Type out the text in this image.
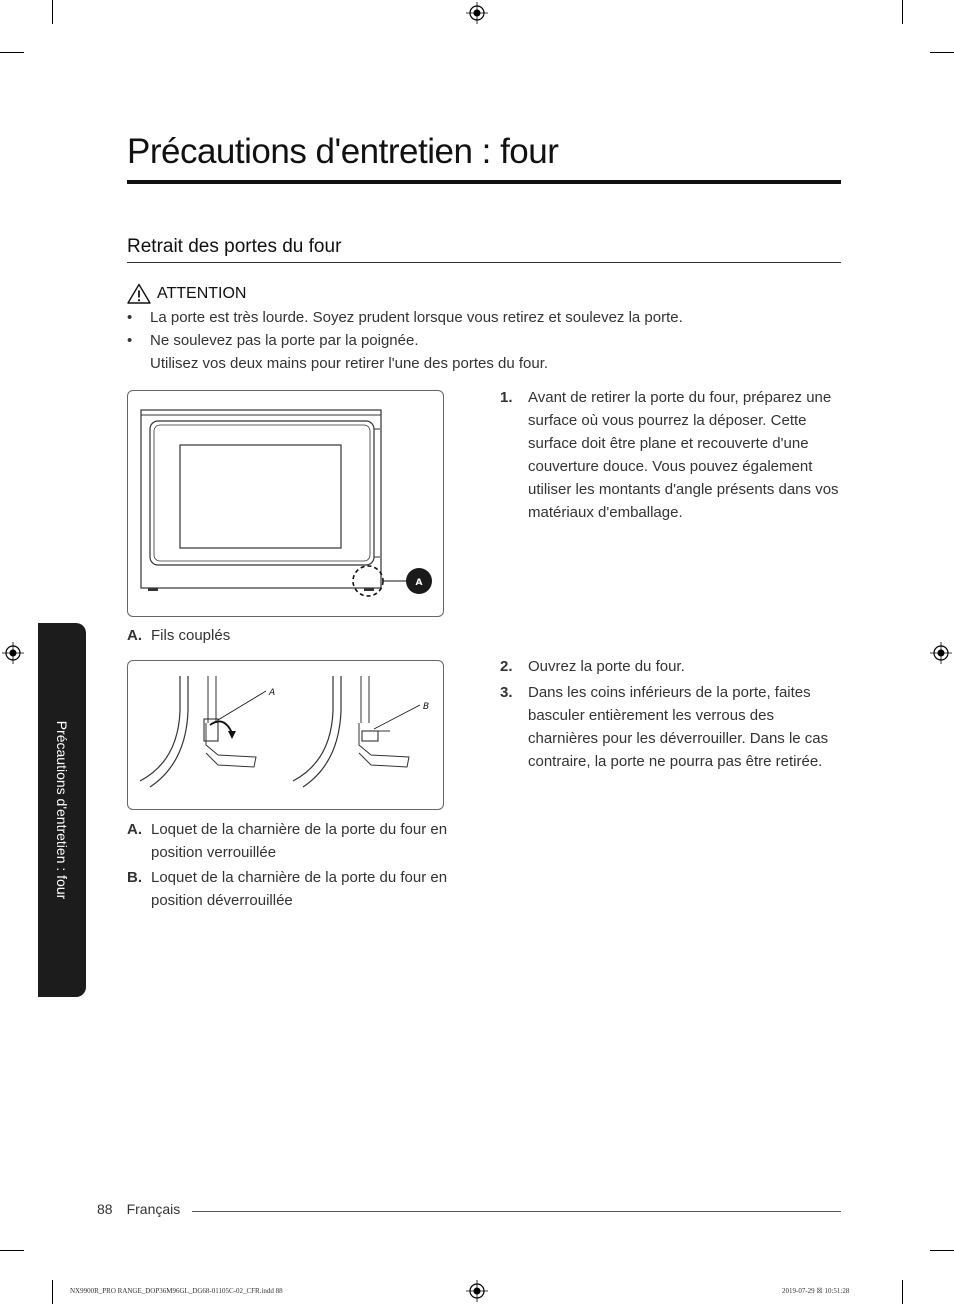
Précautions d'entretien : four
Retrait des portes du four
ATTENTION
• La porte est très lourde. Soyez prudent lorsque vous retirez et soulevez la porte.
• Ne soulevez pas la porte par la poignée.
Utilisez vos deux mains pour retirer l'une des portes du four.
A
A. Fils couplés
A
B
A. Loquet de la charnière de la porte du four en position verrouillée
B. Loquet de la charnière de la porte du four en position déverrouillée
1. Avant de retirer la porte du four, préparez une surface où vous pourrez la déposer. Cette surface doit être plane et recouverte d'une couverture douce. Vous pouvez également utiliser les montants d'angle présents dans vos matériaux d'emballage.
2. Ouvrez la porte du four.
3. Dans les coins inférieurs de la porte, faites basculer entièrement les verrous des charnières pour les déverrouiller. Dans le cas contraire, la porte ne pourra pas être retirée.
Précautions d'entretien : four
88 Français
NX9900R_PRO RANGE_DOP36M96GL_DG68-01105C-02_CFR.indd 88	2019-07-29 ☒ 10:51:28
